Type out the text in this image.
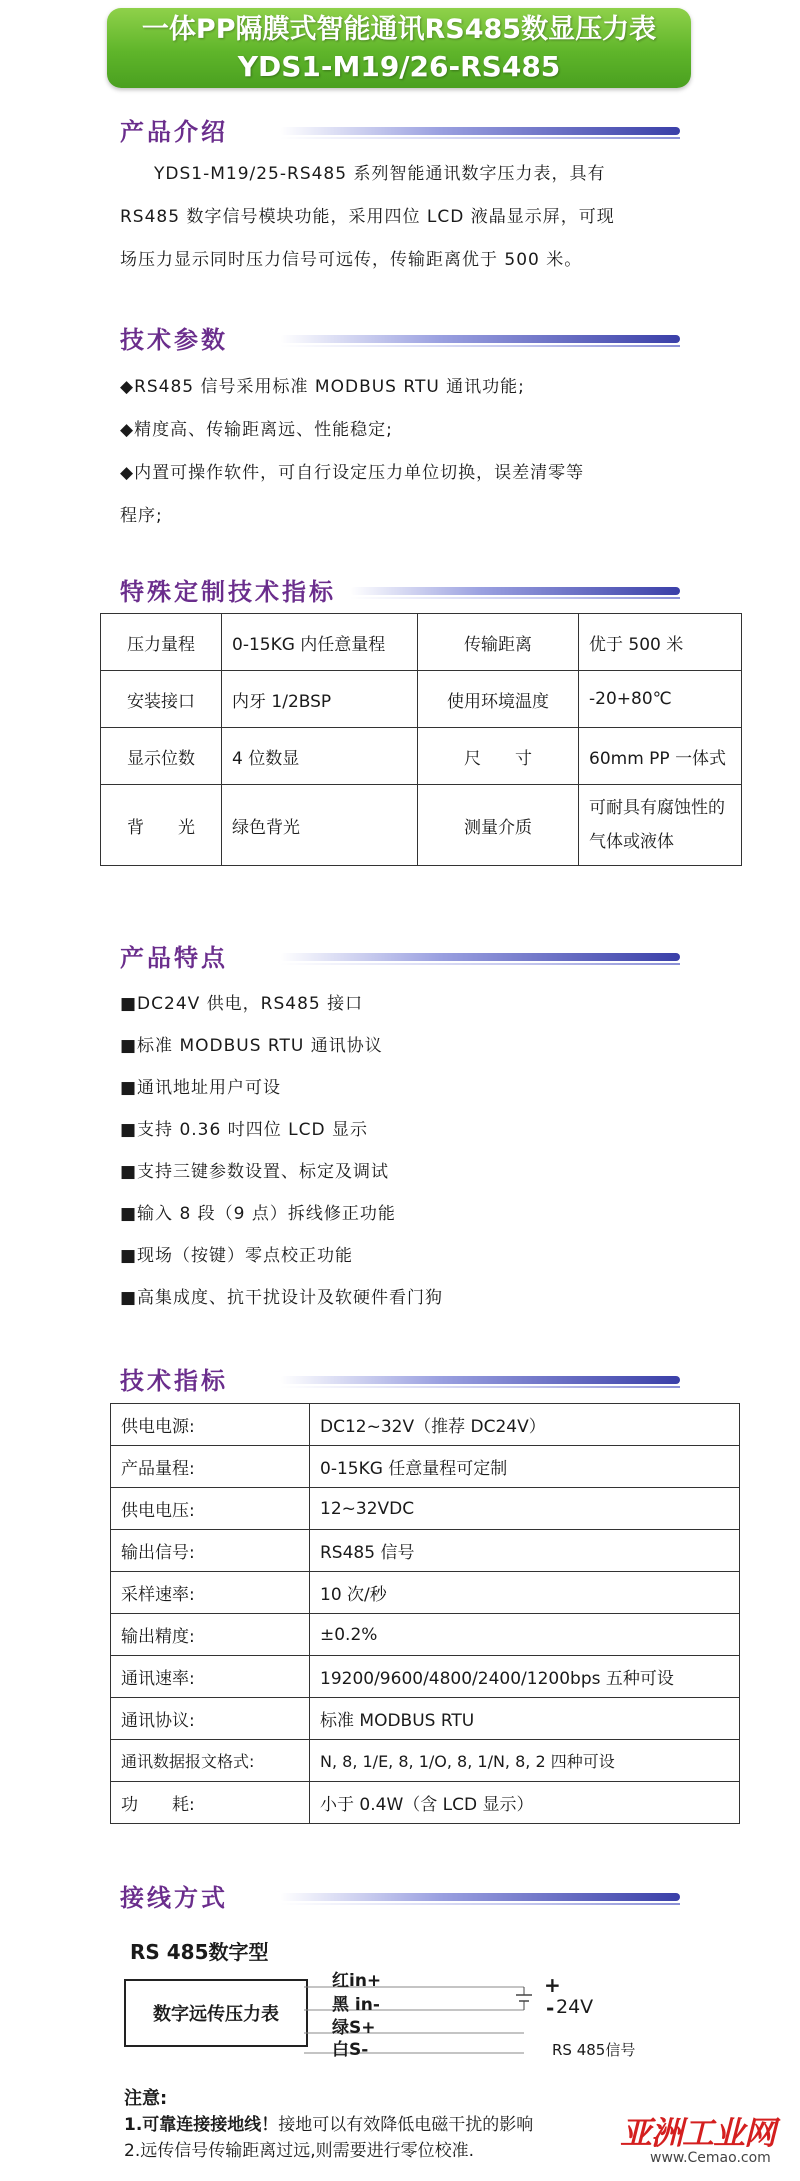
一体PP隔膜式智能通讯RS485数显压力表
YDS1-M19/26-RS485
产品介绍
YDS1-M19/25-RS485 系列智能通讯数字压力表，具有
RS485 数字信号模块功能，采用四位 LCD 液晶显示屏，可现
场压力显示同时压力信号可远传，传输距离优于 500 米。
技术参数
◆RS485 信号采用标准 MODBUS RTU 通讯功能;
◆精度高、传输距离远、性能稳定;
◆内置可操作软件，可自行设定压力单位切换，误差清零等
程序;
特殊定制技术指标
压力量程	0-15KG 内任意量程	传输距离	优于 500 米
安装接口	内牙 1/2BSP	使用环境温度	-20+80℃
显示位数	4 位数显	尺　　寸	60mm PP 一体式
背　　光	绿色背光	测量介质	可耐具有腐蚀性的气体或液体
产品特点
■DC24V 供电，RS485 接口
■标准 MODBUS RTU 通讯协议
■通讯地址用户可设
■支持 0.36 吋四位 LCD 显示
■支持三键参数设置、标定及调试
■输入 8 段（9 点）拆线修正功能
■现场（按键）零点校正功能
■高集成度、抗干扰设计及软硬件看门狗
技术指标
供电电源:	DC12~32V（推荐 DC24V）
产品量程:	0-15KG 任意量程可定制
供电电压:	12~32VDC
输出信号:	RS485 信号
采样速率:	10 次/秒
输出精度:	±0.2%
通讯速率:	19200/9600/4800/2400/1200bps 五种可设
通讯协议:	标准 MODBUS RTU
通讯数据报文格式:	N, 8, 1/E, 8, 1/O, 8, 1/N, 8, 2 四种可设
功　　耗:	小于 0.4W（含 LCD 显示）
接线方式
RS 485数字型
数字远传压力表
红in+
黑 in-
绿S+
白S-
+
- 24V
RS 485信号
注意:
1.可靠连接接地线！接地可以有效降低电磁干扰的影响
2.远传信号传输距离过远,则需要进行零位校准.	亚洲工业网
www.Cemao.com
